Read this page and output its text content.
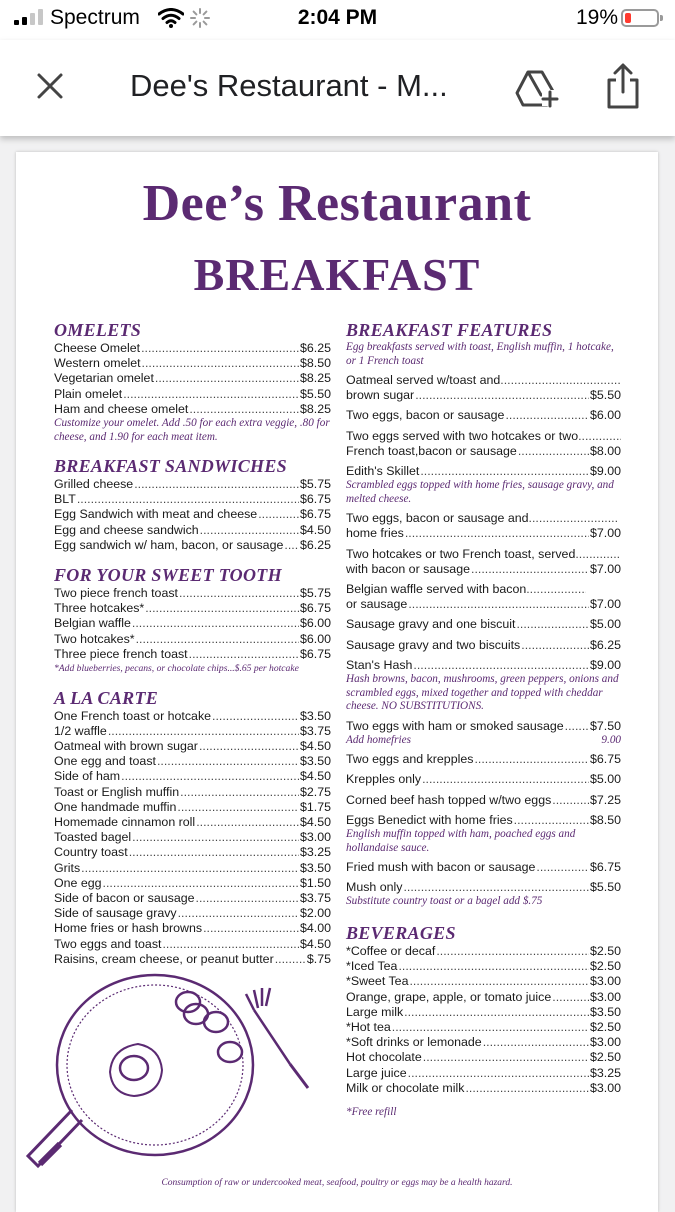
Spectrum	2:04 PM	19%
Dee's Restaurant - M...
Dee’s Restaurant
BREAKFAST
OMELETS
Cheese Omelet .....	$6.25
Western omelet .....	$8.50
Vegetarian omelet .....	$8.25
Plain omelet .....	$5.50
Ham and cheese omelet .....	$8.25
Customize your omelet. Add .50 for each extra veggie, .80 for cheese, and 1.90 for each meat item.
BREAKFAST SANDWICHES
Grilled cheese .....	$5.75
BLT .....	$6.75
Egg Sandwich with meat and cheese .....	$6.75
Egg and cheese sandwich .....	$4.50
Egg sandwich w/ ham, bacon, or sausage ..... $6.25
FOR YOUR SWEET TOOTH
Two piece french toast .....	$5.75
Three hotcakes* .....	$6.75
Belgian waffle .....	$6.00
Two hotcakes* .....	$6.00
Three piece french toast .....	$6.75
*Add blueberries, pecans, or chocolate chips...$.65 per hotcake
A LA CARTE
One French toast or hotcake .....	$3.50
1/2 waffle .....	$3.75
Oatmeal with brown sugar .....	$4.50
One egg and toast .....	$3.50
Side of ham .....	$4.50
Toast or English muffin .....	$2.75
One handmade muffin .....	$1.75
Homemade cinnamon roll .....	$4.50
Toasted bagel .....	$3.00
Country toast .....	$3.25
Grits .....	$3.50
One egg .....	$1.50
Side of bacon or sausage .....	$3.75
Side of sausage gravy .....	$2.00
Home fries or hash browns .....	$4.00
Two eggs and toast .....	$4.50
Raisins, cream cheese, or peanut butter .....	$.75
BREAKFAST FEATURES
Egg breakfasts served with toast, English muffin, 1 hotcake, or 1 French toast
Oatmeal served w/toast and
.....
brown sugar .....	$5.50
Two eggs, bacon or sausage .....	$6.00
Two eggs served with two hotcakes or two
.....
French toast,bacon or sausage .....	$8.00
Edith's Skillet .....	$9.00
Scrambled eggs topped with home fries, sausage gravy, and melted cheese.
Two eggs, bacon or sausage and
.....
home fries .....	$7.00
Two hotcakes or two French toast, served
.....
with bacon or sausage .....	$7.00
Belgian waffle served with bacon
.....
or sausage .....	$7.00
Sausage gravy and one biscuit .....	$5.00
Sausage gravy and two biscuits .....	$6.25
Stan's Hash .....	$9.00
Hash browns, bacon, mushrooms, green peppers, onions and scrambled eggs, mixed together and topped with cheddar cheese. NO SUBSTITUTIONS.
Two eggs with ham or smoked sausage ..... $7.50
Add homefries	9.00
Two eggs and krepples .....	$6.75
Krepples only .....	$5.00
Corned beef hash topped w/two eggs .....	$7.25
Eggs Benedict with home fries .....	$8.50
English muffin topped with ham, poached eggs and hollandaise sauce.
Fried mush with bacon or sausage .....	$6.75
Mush only .....	$5.50
Substitute country toast or a bagel add $.75
BEVERAGES
*Coffee or decaf .....	$2.50
*Iced Tea .....	$2.50
*Sweet Tea .....	$3.00
Orange, grape, apple, or tomato juice .....	$3.00
Large milk .....	$3.50
*Hot tea .....	$2.50
*Soft drinks or lemonade .....	$3.00
Hot chocolate .....	$2.50
Large juice .....	$3.25
Milk or chocolate milk .....	$3.00
*Free refill
Consumption of raw or undercooked meat, seafood, poultry or eggs may be a health hazard.
